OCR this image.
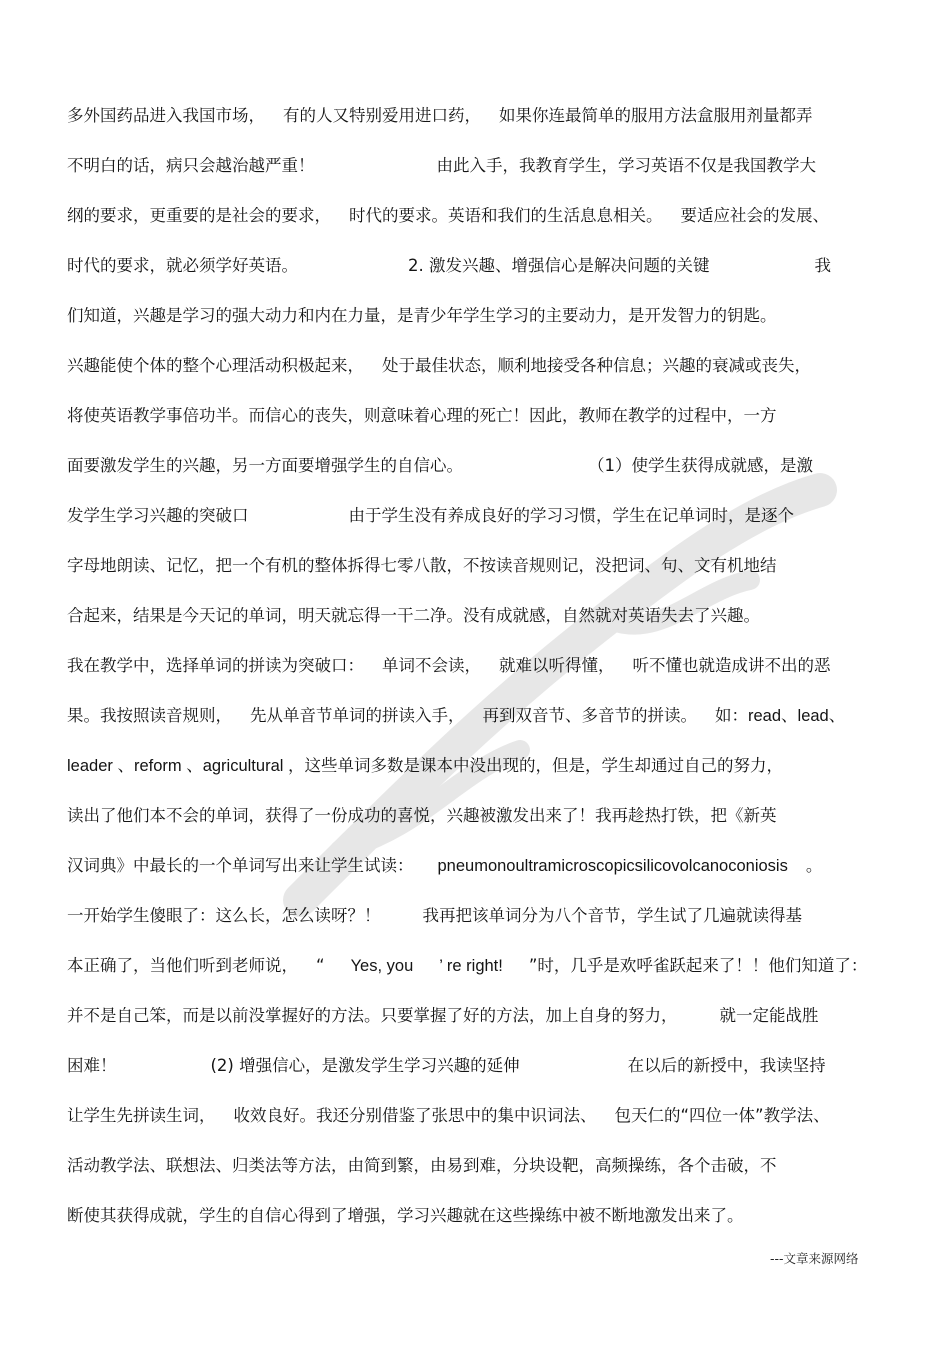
多外国药品进入我国市场， 有的人又特别爱用进口药， 如果你连最简单的服用方法盒服用剂量都弄
不明白的话，病只会越治越严重！	由此入手，我教育学生，学习英语不仅是我国教学大
纲的要求，更重要的是社会的要求， 时代的要求。英语和我们的生活息息相关。 要适应社会的发展、
时代的要求，就必须学好英语。	2. 激发兴趣、增强信心是解决问题的关键	我
们知道，兴趣是学习的强大动力和内在力量，是青少年学生学习的主要动力，是开发智力的钥匙。
兴趣能使个体的整个心理活动积极起来， 处于最佳状态，顺利地接受各种信息；兴趣的衰减或丧失，
将使英语教学事倍功半。而信心的丧失，则意味着心理的死亡！因此，教师在教学的过程中，一方
面要激发学生的兴趣，另一方面要增强学生的自信心。	（1）使学生获得成就感，是激
发学生学习兴趣的突破口	由于学生没有养成良好的学习习惯，学生在记单词时，是逐个
字母地朗读、记忆，把一个有机的整体拆得七零八散，不按读音规则记，没把词、句、文有机地结
合起来，结果是今天记的单词，明天就忘得一干二净。没有成就感，自然就对英语失去了兴趣。
我在教学中，选择单词的拼读为突破口： 单词不会读， 就难以听得懂， 听不懂也就造成讲不出的恶
果。我按照读音规则， 先从单音节单词的拼读入手， 再到双音节、多音节的拼读。 如：read、lead、
leader 、reform 、agricultural ，这些单词多数是课本中没出现的，但是，学生却通过自己的努力，
读出了他们本不会的单词，获得了一份成功的喜悦，兴趣被激发出来了！我再趁热打铁，把《新英
汉词典》中最长的一个单词写出来让学生试读： pneumonoultramicroscopicsilicovolcanoconiosis 。
一开始学生傻眼了：这么长，怎么读呀？！	我再把该单词分为八个音节，学生试了几遍就读得基
本正确了，当他们听到老师说， “ Yes, you ’ re right! ”时，几乎是欢呼雀跃起来了！！他们知道了：
并不是自己笨，而是以前没掌握好的方法。只要掌握了好的方法，加上自身的努力，	就一定能战胜
困难！	(2) 增强信心，是激发学生学习兴趣的延伸	在以后的新授中，我读坚持
让学生先拼读生词， 收效良好。我还分别借鉴了张思中的集中识词法、 包天仁的“四位一体”教学法、
活动教学法、联想法、归类法等方法，由简到繁，由易到难，分块设靶，高频操练，各个击破，不
断使其获得成就，学生的自信心得到了增强，学习兴趣就在这些操练中被不断地激发出来了。
---文章来源网络
